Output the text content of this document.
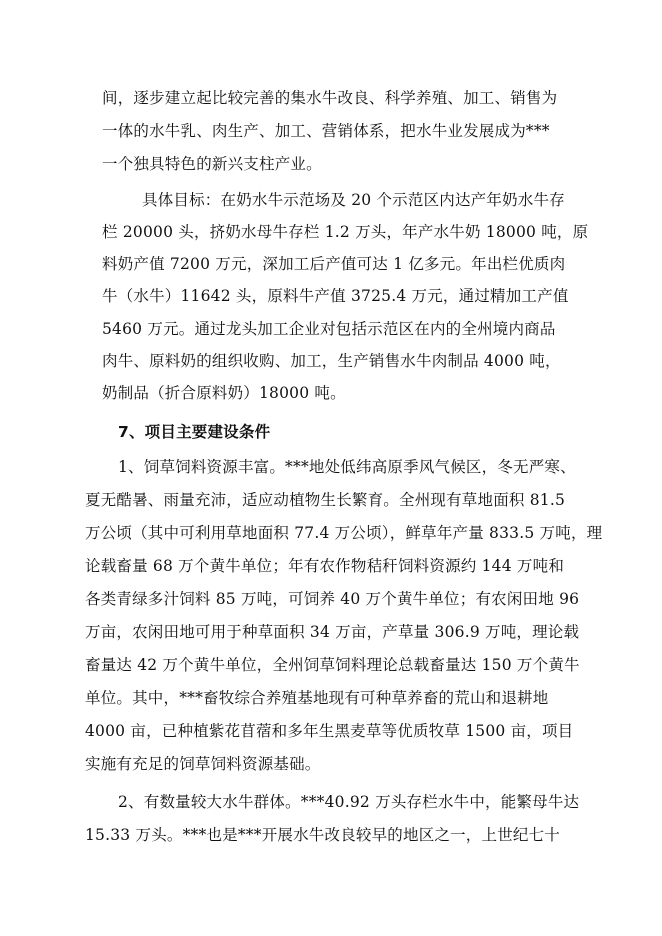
间，逐步建立起比较完善的集水牛改良、科学养殖、加工、销售为
一体的水牛乳、肉生产、加工、营销体系，把水牛业发展成为***
一个独具特色的新兴支柱产业。
具体目标：在奶水牛示范场及 20 个示范区内达产年奶水牛存
栏 20000 头，挤奶水母牛存栏 1.2 万头，年产水牛奶 18000 吨，原
料奶产值 7200 万元，深加工后产值可达 1 亿多元。年出栏优质肉
牛（水牛）11642 头，原料牛产值 3725.4 万元，通过精加工产值
5460 万元。通过龙头加工企业对包括示范区在内的全州境内商品
肉牛、原料奶的组织收购、加工，生产销售水牛肉制品 4000 吨，
奶制品（折合原料奶）18000 吨。
7、项目主要建设条件
1、饲草饲料资源丰富。***地处低纬高原季风气候区，冬无严寒、
夏无酷暑、雨量充沛，适应动植物生长繁育。全州现有草地面积 81.5
万公顷（其中可利用草地面积 77.4 万公顷），鲜草年产量 833.5 万吨，理
论载畜量 68 万个黄牛单位；年有农作物秸秆饲料资源约 144 万吨和
各类青绿多汁饲料 85 万吨，可饲养 40 万个黄牛单位；有农闲田地 96
万亩，农闲田地可用于种草面积 34 万亩，产草量 306.9 万吨，理论载
畜量达 42 万个黄牛单位，全州饲草饲料理论总载畜量达 150 万个黄牛
单位。其中，***畜牧综合养殖基地现有可种草养畜的荒山和退耕地
4000 亩，已种植紫花苜蓿和多年生黑麦草等优质牧草 1500 亩，项目
实施有充足的饲草饲料资源基础。
2、有数量较大水牛群体。***40.92 万头存栏水牛中，能繁母牛达
15.33 万头。***也是***开展水牛改良较早的地区之一，上世纪七十
